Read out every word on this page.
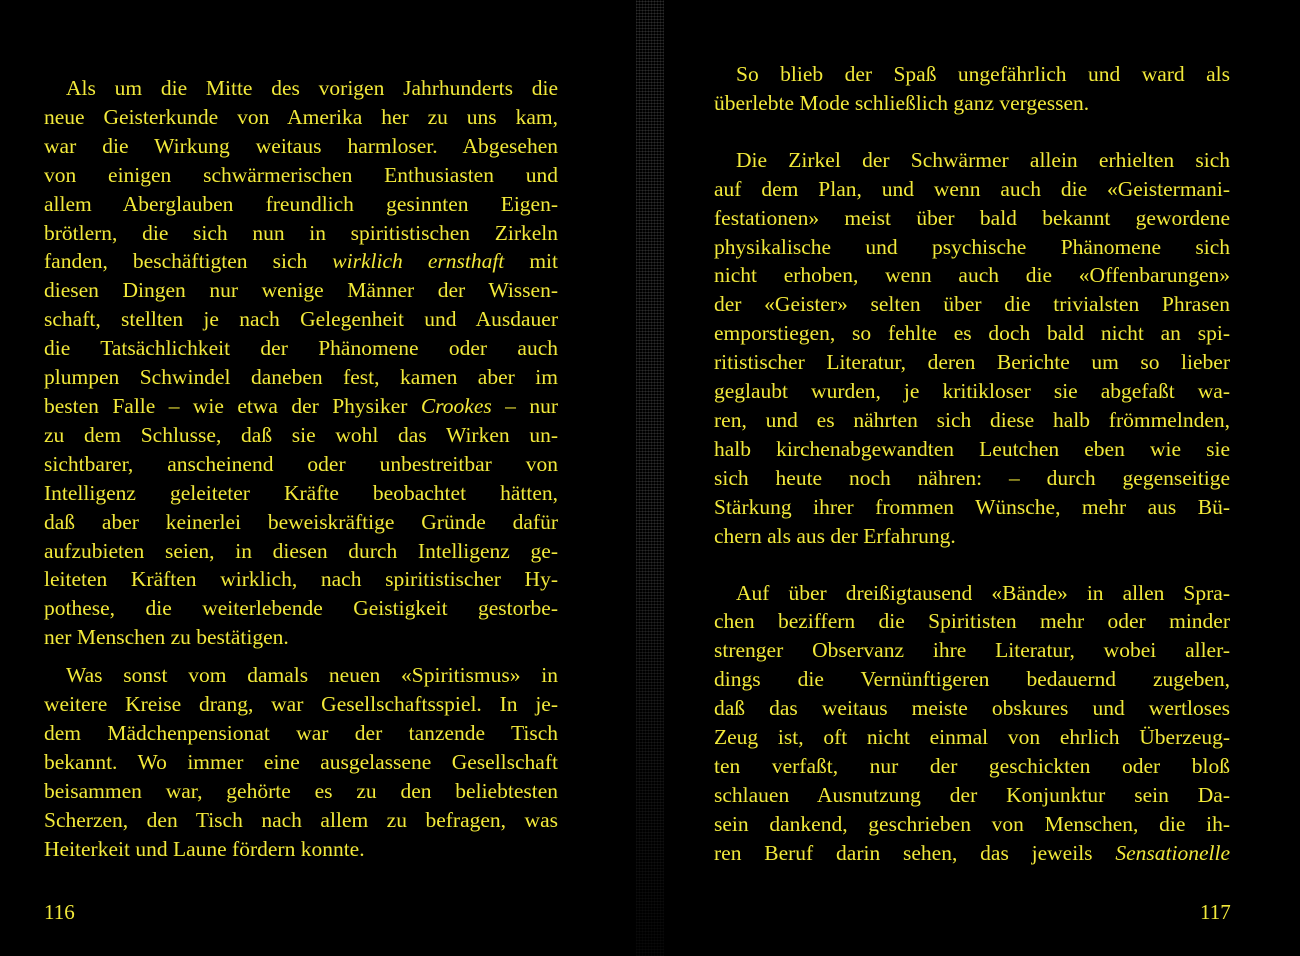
Als um die Mitte des vorigen Jahrhunderts die
neue Geisterkunde von Amerika her zu uns kam,
war die Wirkung weitaus harmloser. Abgesehen
von einigen schwärmerischen Enthusiasten und
allem Aberglauben freundlich gesinnten Eigen-
brötlern, die sich nun in spiritistischen Zirkeln
fanden, beschäftigten sich wirklich ernsthaft mit
diesen Dingen nur wenige Männer der Wissen-
schaft, stellten je nach Gelegenheit und Ausdauer
die Tatsächlichkeit der Phänomene oder auch
plumpen Schwindel daneben fest, kamen aber im
besten Falle – wie etwa der Physiker Crookes – nur
zu dem Schlusse, daß sie wohl das Wirken un-
sichtbarer, anscheinend oder unbestreitbar von
Intelligenz geleiteter Kräfte beobachtet hätten,
daß aber keinerlei beweiskräftige Gründe dafür
aufzubieten seien, in diesen durch Intelligenz ge-
leiteten Kräften wirklich, nach spiritistischer Hy-
pothese, die weiterlebende Geistigkeit gestorbe-
ner Menschen zu bestätigen.
Was sonst vom damals neuen «Spiritismus» in
weitere Kreise drang, war Gesellschaftsspiel. In je-
dem Mädchenpensionat war der tanzende Tisch
bekannt. Wo immer eine ausgelassene Gesellschaft
beisammen war, gehörte es zu den beliebtesten
Scherzen, den Tisch nach allem zu befragen, was
Heiterkeit und Laune fördern konnte.
116
So blieb der Spaß ungefährlich und ward als
überlebte Mode schließlich ganz vergessen.
Die Zirkel der Schwärmer allein erhielten sich
auf dem Plan, und wenn auch die «Geistermani-
festationen» meist über bald bekannt gewordene
physikalische und psychische Phänomene sich
nicht erhoben, wenn auch die «Offenbarungen»
der «Geister» selten über die trivialsten Phrasen
emporstiegen, so fehlte es doch bald nicht an spi-
ritistischer Literatur, deren Berichte um so lieber
geglaubt wurden, je kritikloser sie abgefaßt wa-
ren, und es nährten sich diese halb frömmelnden,
halb kirchenabgewandten Leutchen eben wie sie
sich heute noch nähren: – durch gegenseitige
Stärkung ihrer frommen Wünsche, mehr aus Bü-
chern als aus der Erfahrung.
Auf über dreißigtausend «Bände» in allen Spra-
chen beziffern die Spiritisten mehr oder minder
strenger Observanz ihre Literatur, wobei aller-
dings die Vernünftigeren bedauernd zugeben,
daß das weitaus meiste obskures und wertloses
Zeug ist, oft nicht einmal von ehrlich Überzeug-
ten verfaßt, nur der geschickten oder bloß
schlauen Ausnutzung der Konjunktur sein Da-
sein dankend, geschrieben von Menschen, die ih-
ren Beruf darin sehen, das jeweils Sensationelle
117
